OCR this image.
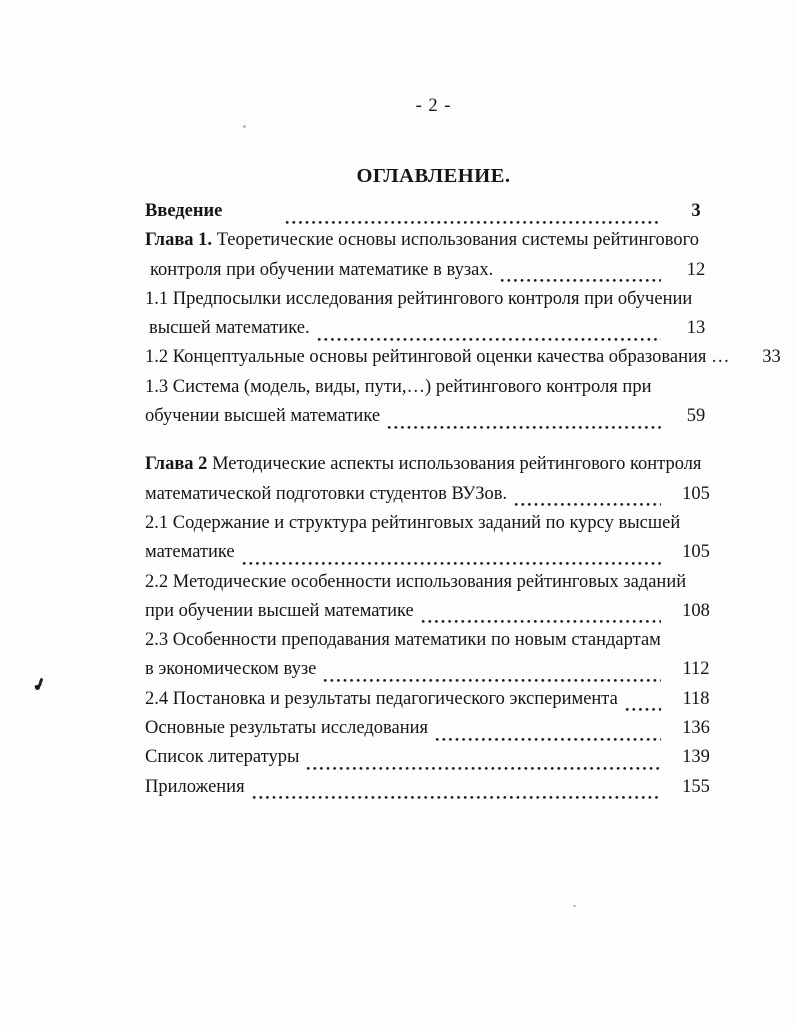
- 2 -
ОГЛАВЛЕНИЕ.
Введение	3
Глава 1. Теоретические основы использования системы рейтингового
контроля при обучении математике в вузах.	12
1.1 Предпосылки исследования рейтингового контроля при обучении
высшей математике.	13
1.2 Концептуальные основы рейтинговой оценки качества образования …	33
1.3 Система (модель, виды, пути,…) рейтингового контроля при
обучении высшей математике	59
Глава 2 Методические аспекты использования рейтингового контроля
математической подготовки студентов ВУЗов.	105
2.1 Содержание и структура рейтинговых заданий по курсу высшей
математике	105
2.2 Методические особенности использования рейтинговых заданий
при обучении высшей математике	108
2.3 Особенности преподавания математики по новым стандартам
в экономическом вузе	112
2.4 Постановка и результаты педагогического эксперимента	118
Основные результаты исследования	136
Список литературы	139
Приложения	155
